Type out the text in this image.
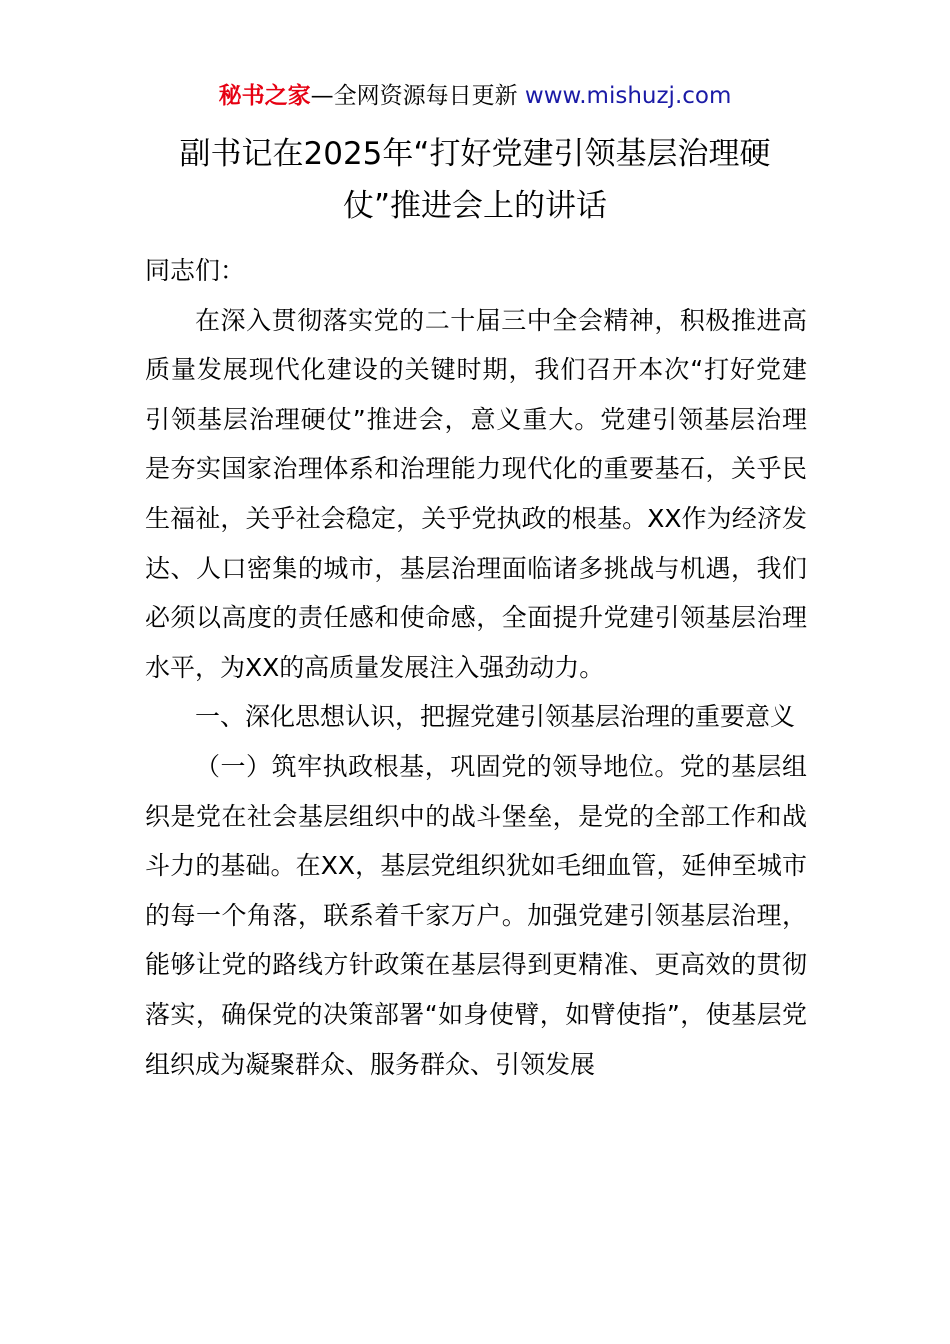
秘书之家—全网资源每日更新 www.mishuzj.com
副书记在2025年“打好党建引领基层治理硬仗”推进会上的讲话

同志们：

在深入贯彻落实党的二十届三中全会精神，积极推进高质量发展现代化建设的关键时期，我们召开本次“打好党建引领基层治理硬仗”推进会，意义重大。党建引领基层治理是夯实国家治理体系和治理能力现代化的重要基石，关乎民生福祉，关乎社会稳定，关乎党执政的根基。XX作为经济发达、人口密集的城市，基层治理面临诸多挑战与机遇，我们必须以高度的责任感和使命感，全面提升党建引领基层治理水平，为XX的高质量发展注入强劲动力。

一、深化思想认识，把握党建引领基层治理的重要意义

（一）筑牢执政根基，巩固党的领导地位。党的基层组织是党在社会基层组织中的战斗堡垒，是党的全部工作和战斗力的基础。在XX，基层党组织犹如毛细血管，延伸至城市的每一个角落，联系着千家万户。加强党建引领基层治理，能够让党的路线方针政策在基层得到更精准、更高效的贯彻落实，确保党的决策部署“如身使臂，如臂使指”，使基层党组织成为凝聚群众、服务群众、引领发展
